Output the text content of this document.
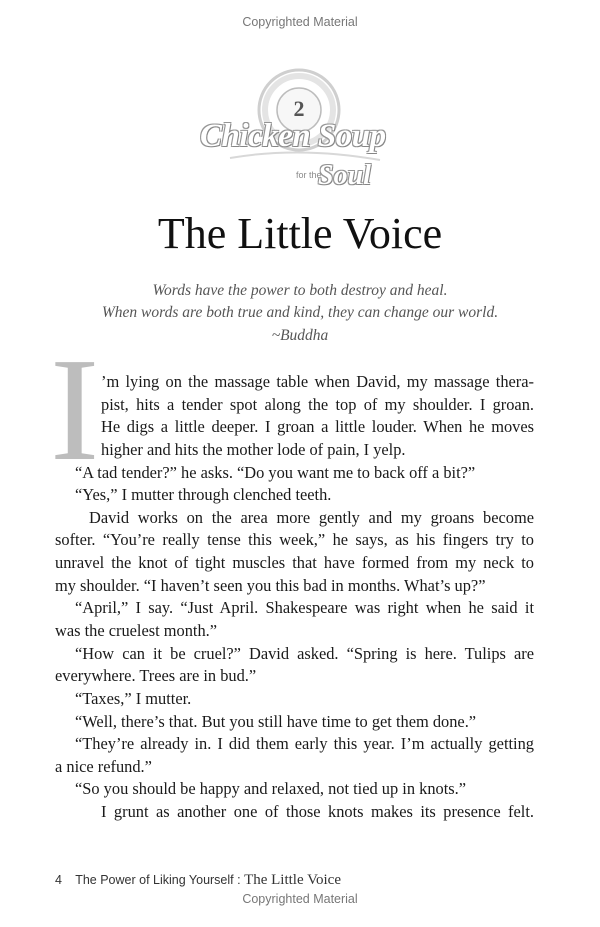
Copyrighted Material
2
Chicken Soup
for the
Soul
The Little Voice
Words have the power to both destroy and heal.
When words are both true and kind, they can change our world.
~Buddha
I ’m lying on the massage table when David, my massage thera-
pist, hits a tender spot along the top of my shoulder. I groan.
He digs a little deeper. I groan a little louder. When he moves
higher and hits the mother lode of pain, I yelp.
“A tad tender?” he asks. “Do you want me to back off a bit?”
“Yes,” I mutter through clenched teeth.
David works on the area more gently and my groans become
softer. “You’re really tense this week,” he says, as his fingers try to
unravel the knot of tight muscles that have formed from my neck to
my shoulder. “I haven’t seen you this bad in months. What’s up?”
“April,” I say. “Just April. Shakespeare was right when he said it
was the cruelest month.”
“How can it be cruel?” David asked. “Spring is here. Tulips are
everywhere. Trees are in bud.”
“Taxes,” I mutter.
“Well, there’s that. But you still have time to get them done.”
“They’re already in. I did them early this year. I’m actually getting
a nice refund.”
“So you should be happy and relaxed, not tied up in knots.”
I grunt as another one of those knots makes its presence felt.
4 The Power of Liking Yourself : The Little Voice
Copyrighted Material
